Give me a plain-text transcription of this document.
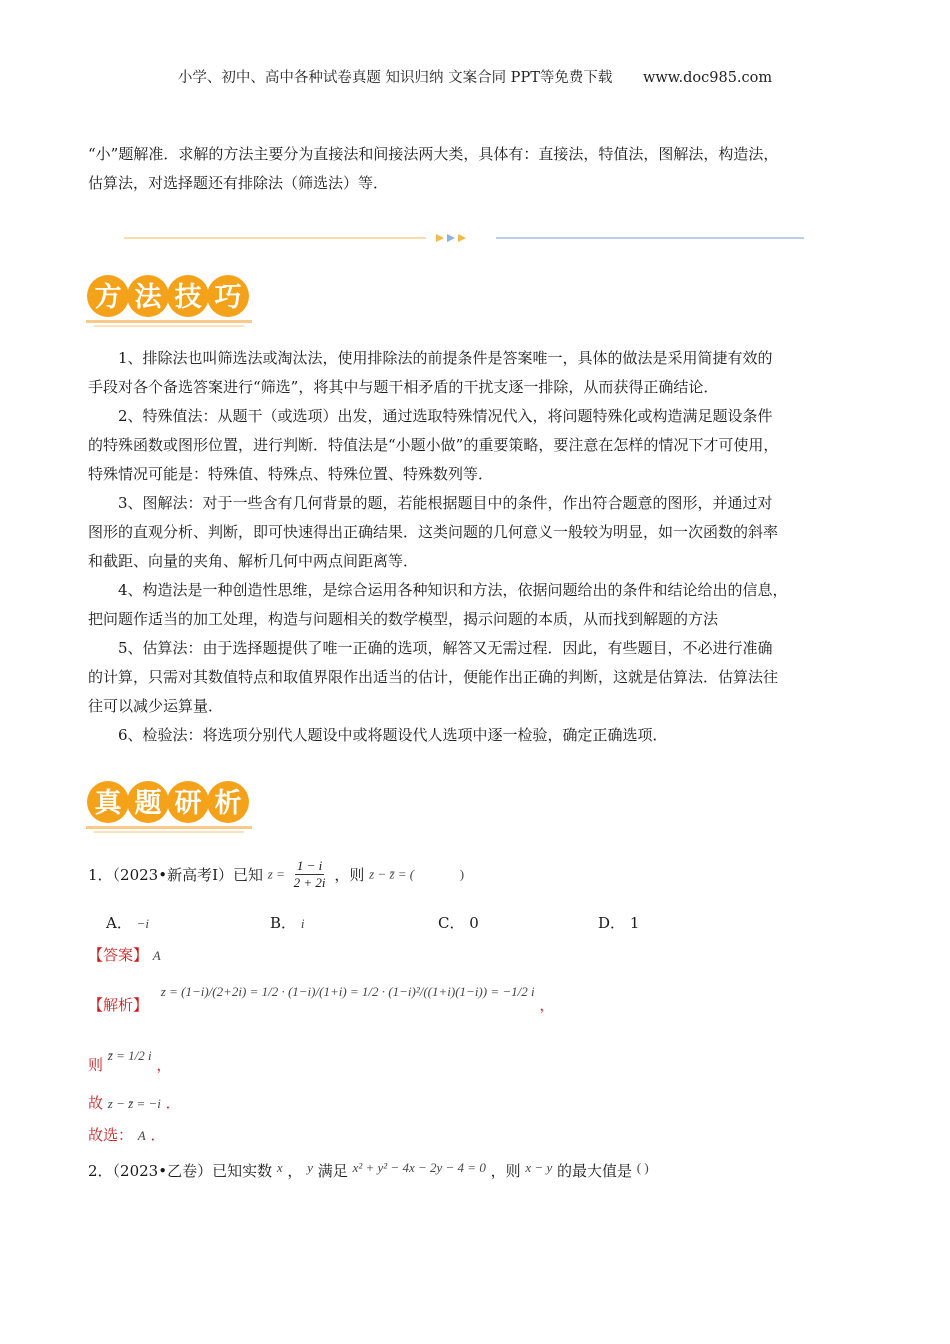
小学、初中、高中各种试卷真题 知识归纳 文案合同 PPT等免费下载 www.doc985.com
“小”题解准．求解的方法主要分为直接法和间接法两大类，具体有：直接法，特值法，图解法，构造法，
估算法，对选择题还有排除法（筛选法）等．
方 法 技 巧
1、排除法也叫筛选法或淘汰法，使用排除法的前提条件是答案唯一，具体的做法是采用简捷有效的
手段对各个备选答案进行“筛选”，将其中与题干相矛盾的干扰支逐一排除，从而获得正确结论．
2、特殊值法：从题干（或选项）出发，通过选取特殊情况代入，将问题特殊化或构造满足题设条件
的特殊函数或图形位置，进行判断．特值法是“小题小做”的重要策略，要注意在怎样的情况下才可使用，
特殊情况可能是：特殊值、特殊点、特殊位置、特殊数列等．
3、图解法：对于一些含有几何背景的题，若能根据题目中的条件，作出符合题意的图形，并通过对
图形的直观分析、判断，即可快速得出正确结果．这类问题的几何意义一般较为明显，如一次函数的斜率
和截距、向量的夹角、解析几何中两点间距离等．
4、构造法是一种创造性思维，是综合运用各种知识和方法，依据问题给出的条件和结论给出的信息，
把问题作适当的加工处理，构造与问题相关的数学模型，揭示问题的本质，从而找到解题的方法
5、估算法：由于选择题提供了唯一正确的选项，解答又无需过程．因此，有些题目，不必进行准确
的计算，只需对其数值特点和取值界限作出适当的估计，便能作出正确的判断，这就是估算法．估算法往
往可以减少运算量．
6、检验法：将选项分别代人题设中或将题设代人选项中逐一检验，确定正确选项．
真 题 研 析
1．（2023•新高考Ⅰ）已知 $z = \frac{1 - i}{2 + 2i}$ ，则 z − z̄ = (	)
A． −i	B． i	C． 0	D． 1
【答案】 A
【解析】 z = (1−i)/(2+2i) = 1/2 · (1−i)/(1+i) = 1/2 · (1−i)²/((1+i)(1−i)) = −1/2 i ，
则 z̄ = 1/2 i ，
故 z − z̄ = −i ．
故选： A ．
2．（2023•乙卷）已知实数 x ， y 满足 x² + y² − 4x − 2y − 4 = 0 ，则 x − y 的最大值是 ( )
